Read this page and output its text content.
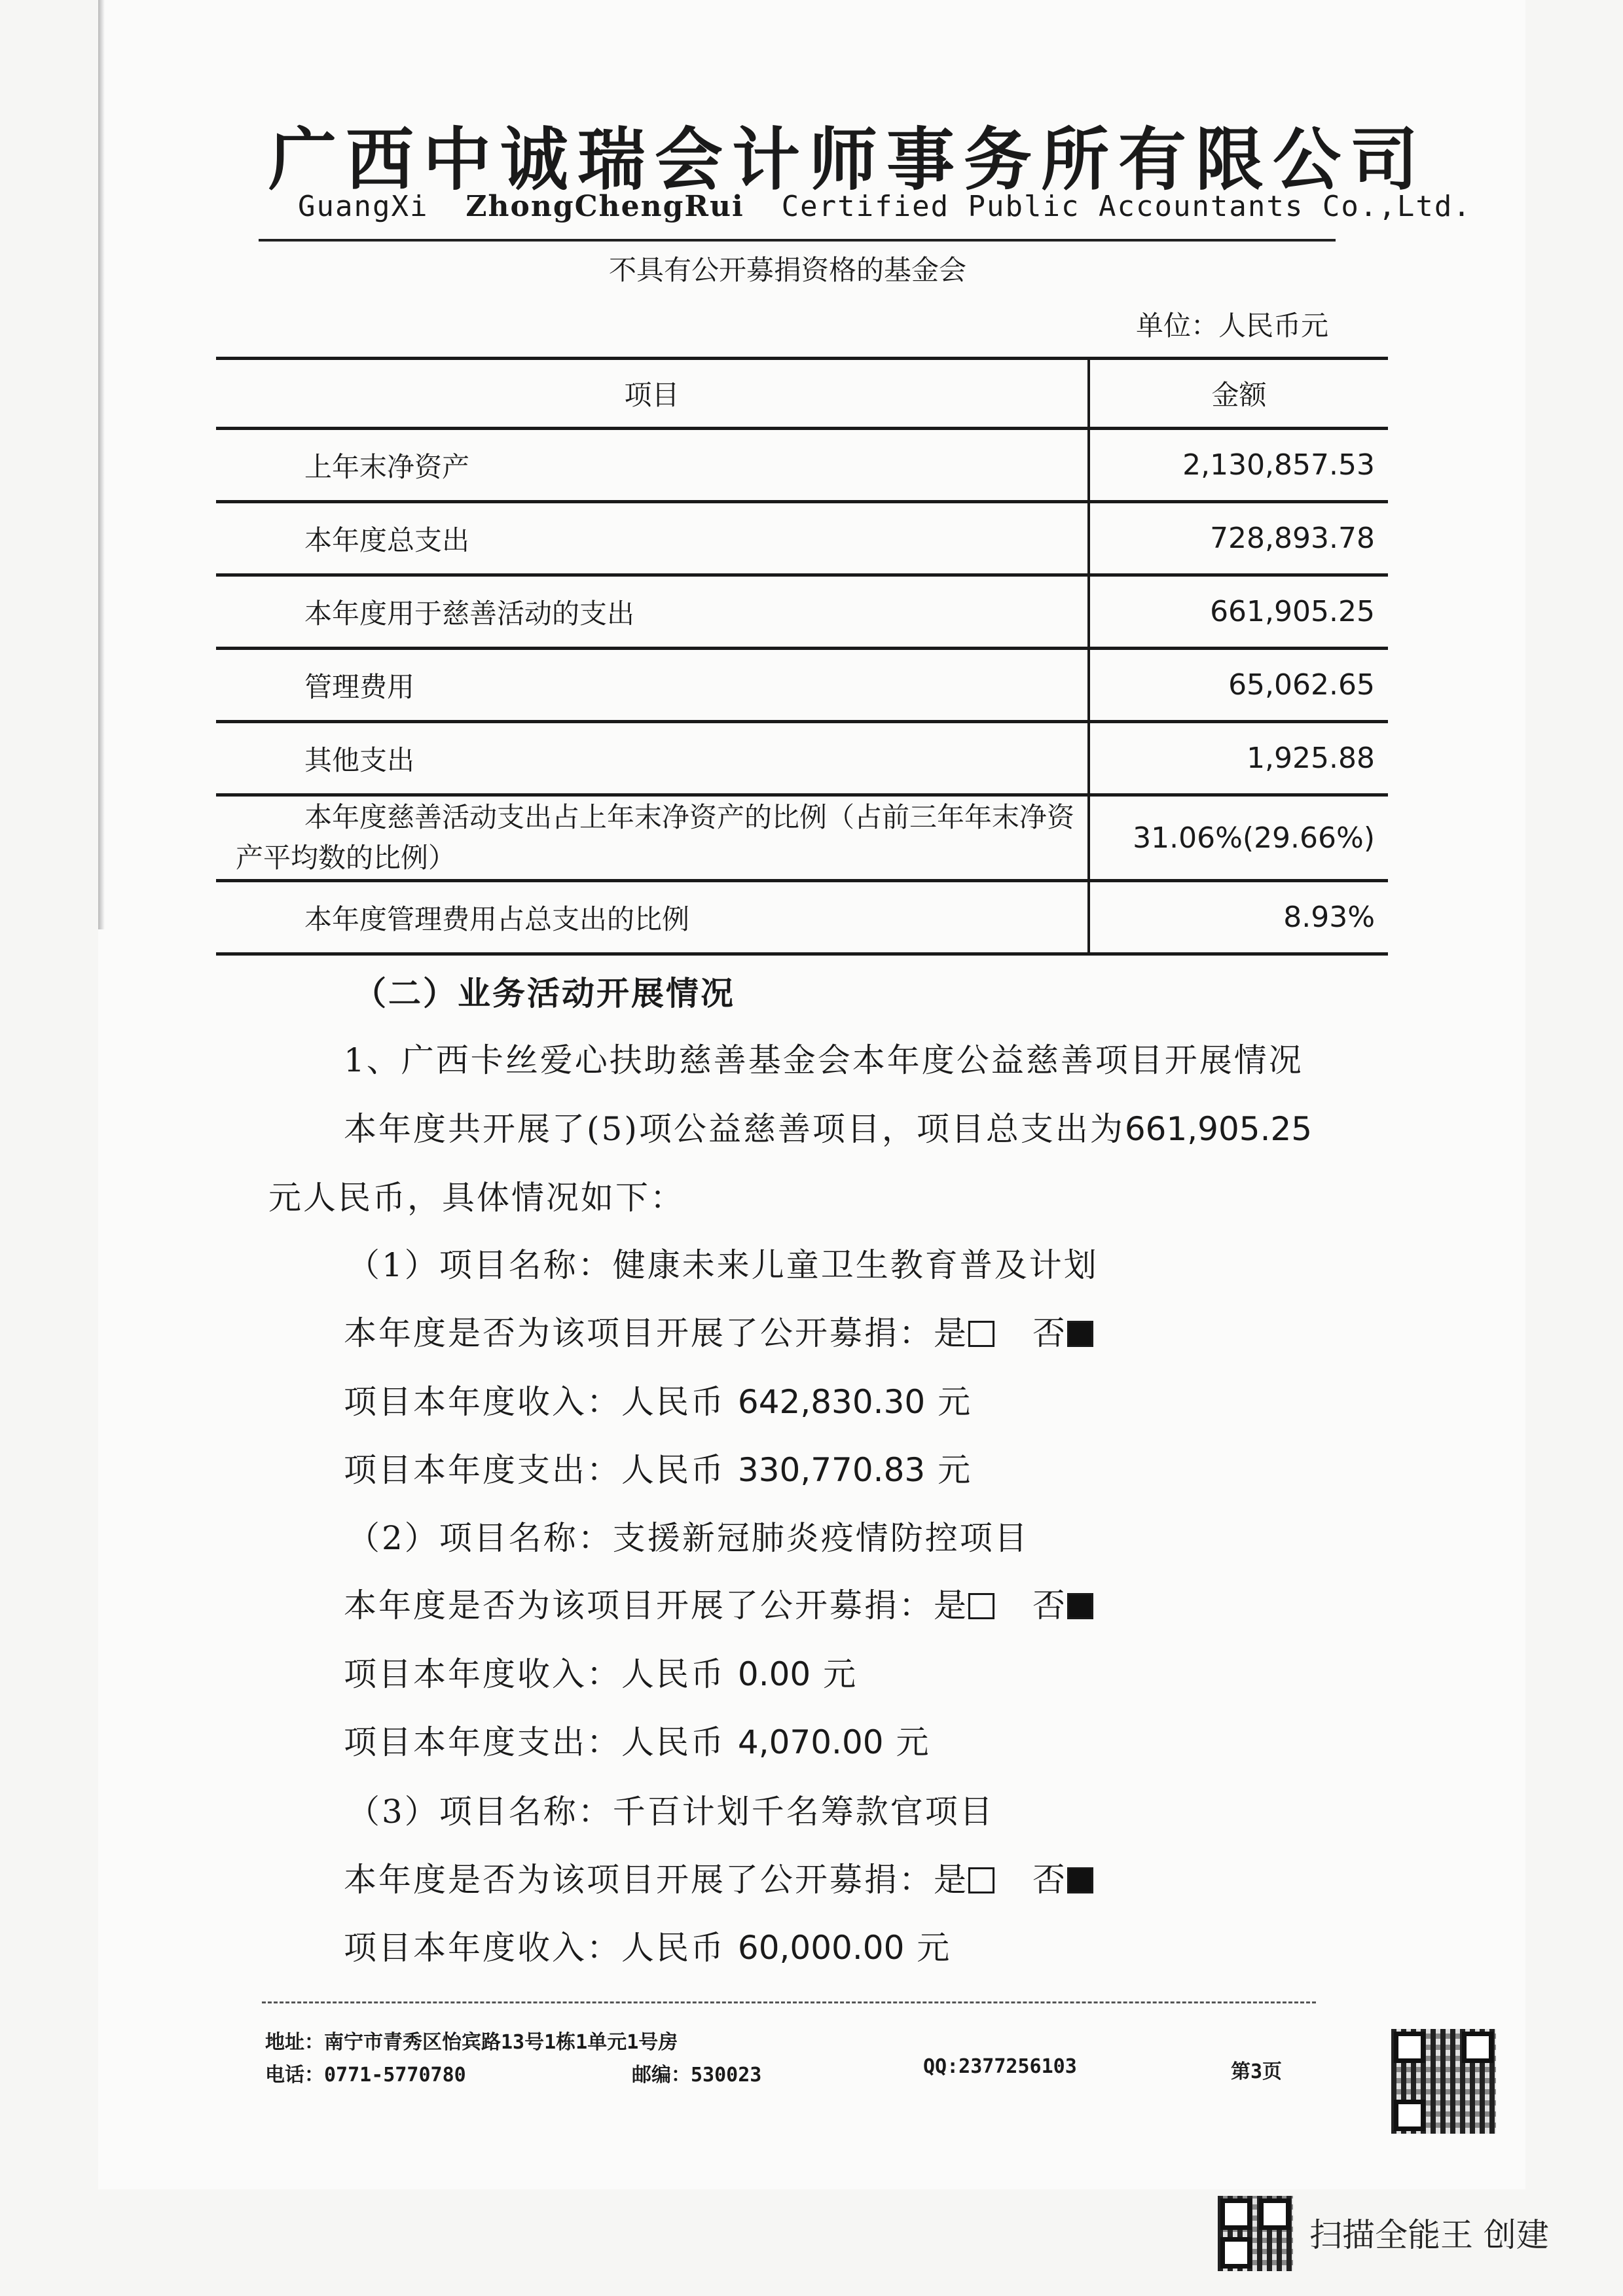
广西中诚瑞会计师事务所有限公司
GuangXi ZhongChengRui Certified Public Accountants Co.,Ltd.
不具有公开募捐资格的基金会
单位：人民币元
项目	金额
上年末净资产	2,130,857.53
本年度总支出	728,893.78
本年度用于慈善活动的支出	661,905.25
管理费用	65,062.65
其他支出	1,925.88
本年度慈善活动支出占上年末净资产的比例（占前三年年末净资产平均数的比例）	31.06%(29.66%)
本年度管理费用占总支出的比例	8.93%
（二）业务活动开展情况
1、广西卡丝爱心扶助慈善基金会本年度公益慈善项目开展情况
本年度共开展了(5)项公益慈善项目，项目总支出为661,905.25
元人民币，具体情况如下：
（1）项目名称：健康未来儿童卫生教育普及计划
本年度是否为该项目开展了公开募捐：是 否
项目本年度收入：人民币 642,830.30 元
项目本年度支出：人民币 330,770.83 元
（2）项目名称：支援新冠肺炎疫情防控项目
本年度是否为该项目开展了公开募捐：是 否
项目本年度收入：人民币 0.00 元
项目本年度支出：人民币 4,070.00 元
（3）项目名称：千百计划千名筹款官项目
本年度是否为该项目开展了公开募捐：是 否
项目本年度收入：人民币 60,000.00 元
地址：南宁市青秀区怡宾路13号1栋1单元1号房
电话：0771-5770780	邮编：530023	QQ:2377256103	第3页
扫描全能王 创建
